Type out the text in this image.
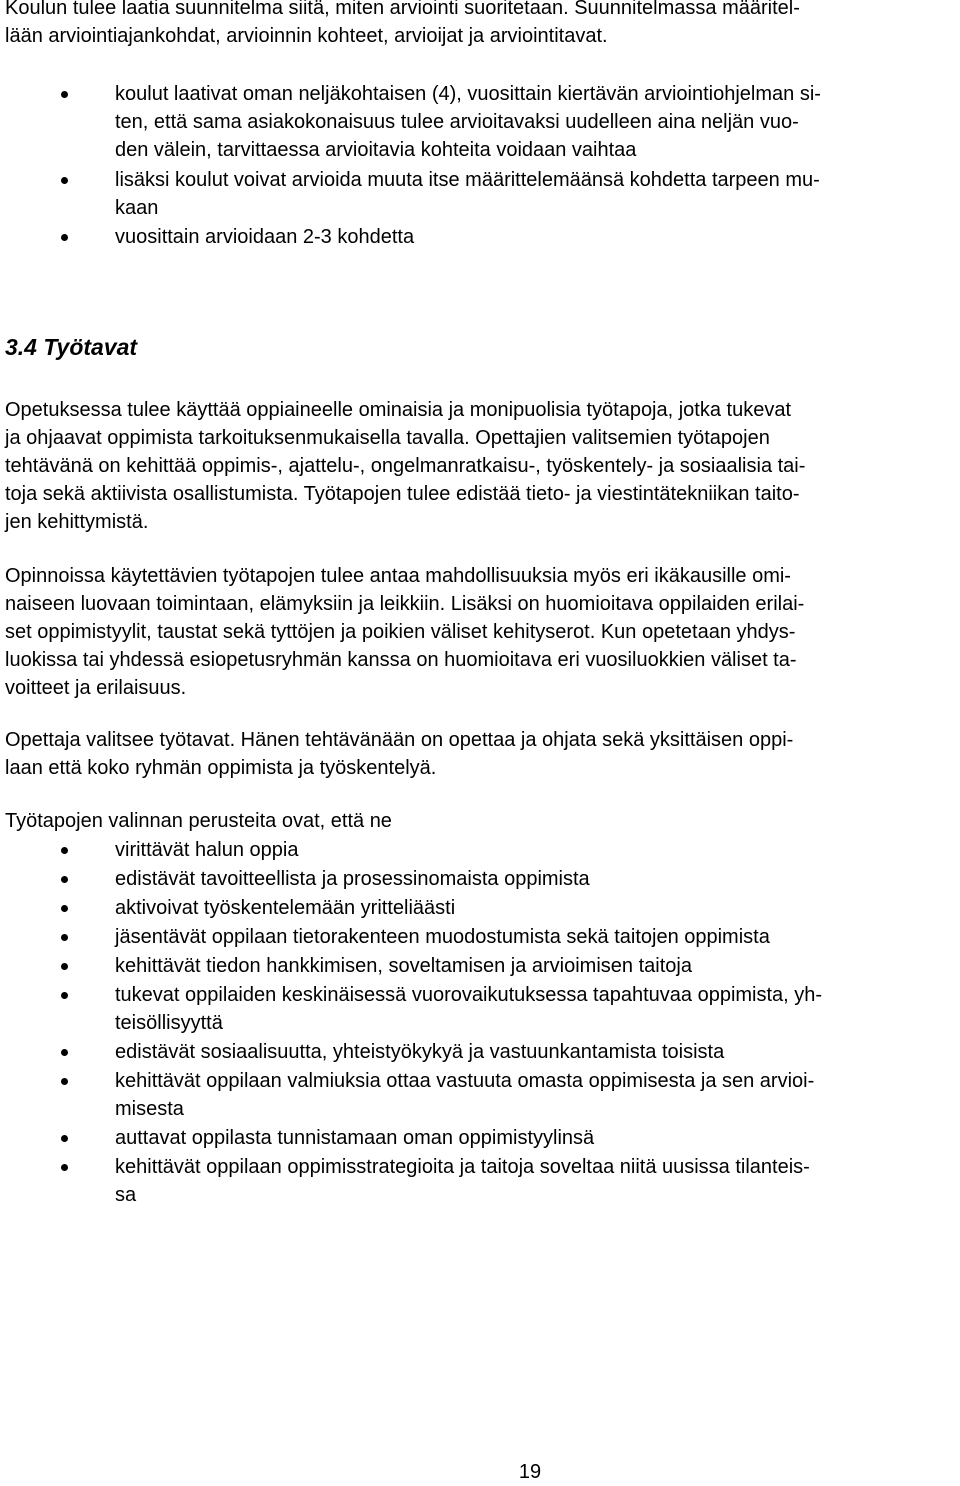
Koulun tulee laatia suunnitelma siitä, miten arviointi suoritetaan. Suunnitelmassa määritel-
lään arviointiajankohdat, arvioinnin kohteet, arvioijat ja arviointitavat.
koulut laativat oman neljäkohtaisen (4), vuosittain kiertävän arviointiohjelman si-
ten, että sama asiakokonaisuus tulee arvioitavaksi uudelleen aina neljän vuo-
den välein, tarvittaessa arvioitavia kohteita voidaan vaihtaa
lisäksi koulut voivat arvioida muuta itse määrittelemäänsä kohdetta tarpeen mu-
kaan
vuosittain arvioidaan 2-3 kohdetta
3.4 Työtavat
Opetuksessa tulee käyttää oppiaineelle ominaisia ja monipuolisia työtapoja, jotka tukevat
ja ohjaavat oppimista tarkoituksenmukaisella tavalla. Opettajien valitsemien työtapojen
tehtävänä on kehittää oppimis-, ajattelu-, ongelmanratkaisu-, työskentely- ja sosiaalisia tai-
toja sekä aktiivista osallistumista. Työtapojen tulee edistää tieto- ja viestintätekniikan taito-
jen kehittymistä.
Opinnoissa käytettävien työtapojen tulee antaa mahdollisuuksia myös eri ikäkausille omi-
naiseen luovaan toimintaan, elämyksiin ja leikkiin. Lisäksi on huomioitava oppilaiden erilai-
set oppimistyylit, taustat sekä tyttöjen ja poikien väliset kehityserot. Kun opetetaan yhdys-
luokissa tai yhdessä esiopetusryhmän kanssa on huomioitava eri vuosiluokkien väliset ta-
voitteet ja erilaisuus.
Opettaja valitsee työtavat. Hänen tehtävänään on opettaa ja ohjata sekä yksittäisen oppi-
laan että koko ryhmän oppimista ja työskentelyä.
Työtapojen valinnan perusteita ovat, että ne
virittävät halun oppia
edistävät tavoitteellista ja prosessinomaista oppimista
aktivoivat työskentelemään yritteliäästi
jäsentävät oppilaan tietorakenteen muodostumista sekä taitojen oppimista
kehittävät tiedon hankkimisen, soveltamisen ja arvioimisen taitoja
tukevat oppilaiden keskinäisessä vuorovaikutuksessa tapahtuvaa oppimista, yh-
teisöllisyyttä
edistävät sosiaalisuutta, yhteistyökykyä ja vastuunkantamista toisista
kehittävät oppilaan valmiuksia ottaa vastuuta omasta oppimisesta ja sen arvioi-
misesta
auttavat oppilasta tunnistamaan oman oppimistyylinsä
kehittävät oppilaan oppimisstrategioita ja taitoja soveltaa niitä uusissa tilanteis-
sa
19
